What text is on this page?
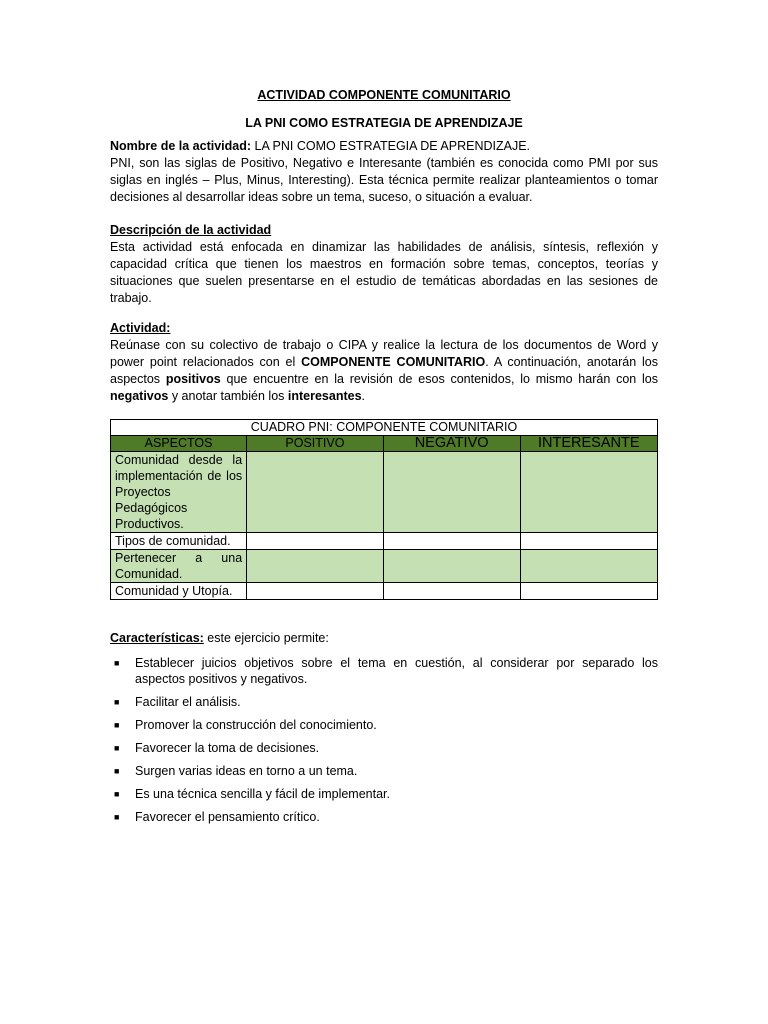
ACTIVIDAD COMPONENTE COMUNITARIO
LA PNI COMO ESTRATEGIA DE APRENDIZAJE
Nombre de la actividad: LA PNI COMO ESTRATEGIA DE APRENDIZAJE.
PNI, son las siglas de Positivo, Negativo e Interesante (también es conocida como PMI por sus siglas en inglés – Plus, Minus, Interesting). Esta técnica permite realizar planteamientos o tomar decisiones al desarrollar ideas sobre un tema, suceso, o situación a evaluar.
Descripción de la actividad
Esta actividad está enfocada en dinamizar las habilidades de análisis, síntesis, reflexión y capacidad crítica que tienen los maestros en formación sobre temas, conceptos, teorías y situaciones que suelen presentarse en el estudio de temáticas abordadas en las sesiones de trabajo.
Actividad:
Reúnase con su colectivo de trabajo o CIPA y realice la lectura de los documentos de Word y power point relacionados con el COMPONENTE COMUNITARIO. A continuación, anotarán los aspectos positivos que encuentre en la revisión de esos contenidos, lo mismo harán con los negativos y anotar también los interesantes.
CUADRO PNI: COMPONENTE COMUNITARIO			
ASPECTOS	POSITIVO	NEGATIVO	INTERESANTE
Comunidad desde la implementación de los Proyectos Pedagógicos Productivos.			
Tipos de comunidad.			
Pertenecer a una Comunidad.			
Comunidad y Utopía.			
Características: este ejercicio permite:
■ Establecer juicios objetivos sobre el tema en cuestión, al considerar por separado los aspectos positivos y negativos.
■ Facilitar el análisis.
■ Promover la construcción del conocimiento.
■ Favorecer la toma de decisiones.
■ Surgen varias ideas en torno a un tema.
■ Es una técnica sencilla y fácil de implementar.
■ Favorecer el pensamiento crítico.
